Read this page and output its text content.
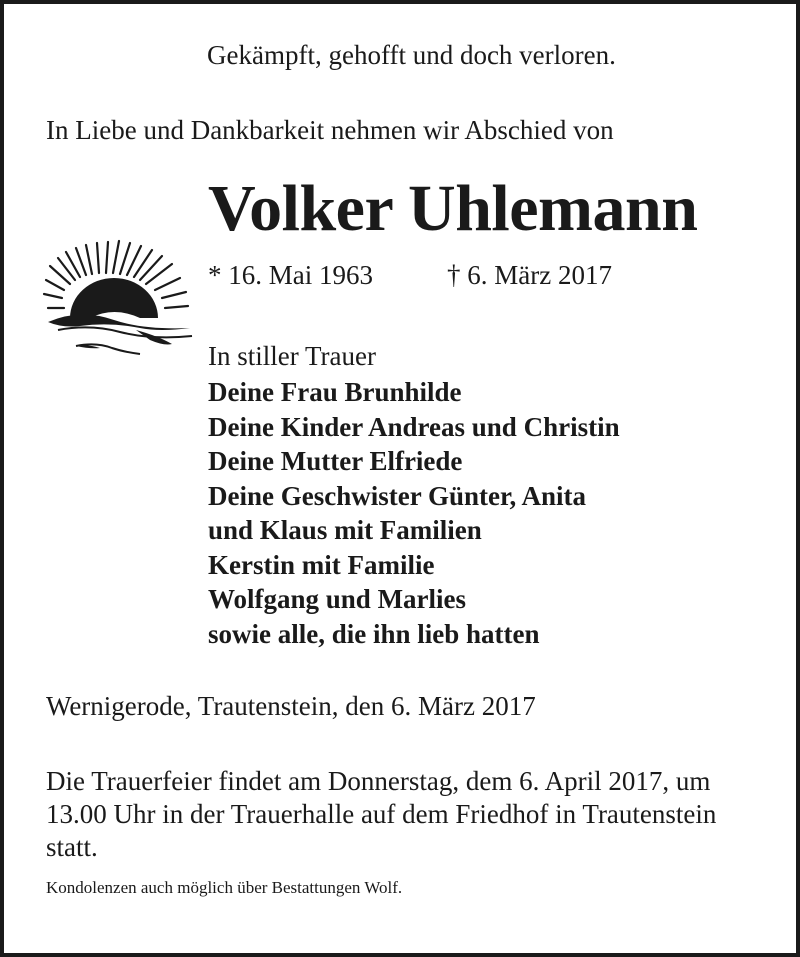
Gekämpft, gehofft und doch verloren.
In Liebe und Dankbarkeit nehmen wir Abschied von
Volker Uhlemann
* 16. Mai 1963	† 6. März 2017
In stiller Trauer
Deine Frau Brunhilde
Deine Kinder Andreas und Christin
Deine Mutter Elfriede
Deine Geschwister Günter, Anita
und Klaus mit Familien
Kerstin mit Familie
Wolfgang und Marlies
sowie alle, die ihn lieb hatten
Wernigerode, Trautenstein, den 6. März 2017
Die Trauerfeier findet am Donnerstag, dem 6. April 2017, um
13.00 Uhr in der Trauerhalle auf dem Friedhof in Trautenstein
statt.
Kondolenzen auch möglich über Bestattungen Wolf.
